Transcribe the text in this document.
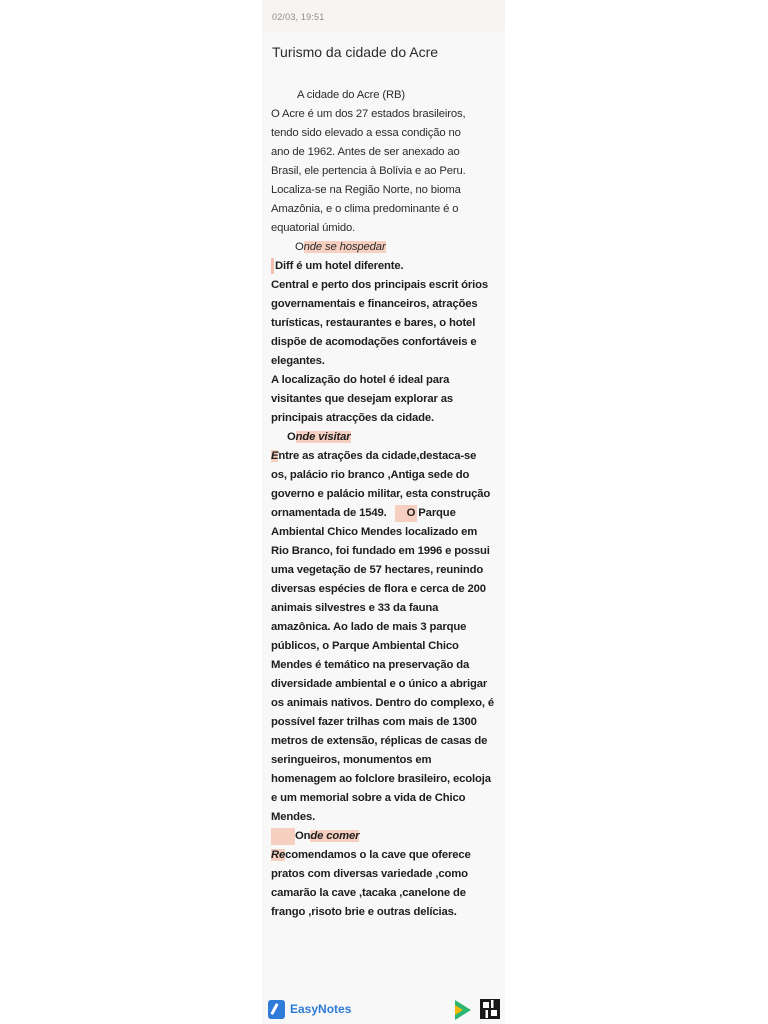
02/03, 19:51
Turismo da cidade do Acre
A cidade do Acre (RB)
O Acre é um dos 27 estados brasileiros,
tendo sido elevado a essa condição no
ano de 1962. Antes de ser anexado ao
Brasil, ele pertencia à Bolívia e ao Peru.
Localiza-se na Região Norte, no bioma
Amazônia, e o clima predominante é o
equatorial úmido.
Onde se hospedar
Diff é um hotel diferente.
Central e perto dos principais escrit órios
governamentais e financeiros, atrações
turísticas, restaurantes e bares, o hotel
dispõe de acomodações confortáveis e
elegantes.
A localização do hotel é ideal para
visitantes que desejam explorar as
principais atracções da cidade.
Onde visitar
Entre as atrações da cidade,destaca-se
os, palácio rio branco ,Antiga sede do
governo e palácio militar, esta construção
ornamentada de 1549. O Parque
Ambiental Chico Mendes localizado em
Rio Branco, foi fundado em 1996 e possui
uma vegetação de 57 hectares, reunindo
diversas espécies de flora e cerca de 200
animais silvestres e 33 da fauna
amazônica. Ao lado de mais 3 parque
públicos, o Parque Ambiental Chico
Mendes é temático na preservação da
diversidade ambiental e o único a abrigar
os animais nativos. Dentro do complexo, é
possível fazer trilhas com mais de 1300
metros de extensão, réplicas de casas de
seringueiros, monumentos em
homenagem ao folclore brasileiro, ecoloja
e um memorial sobre a vida de Chico
Mendes.
Onde comer
Recomendamos o la cave que oferece
pratos com diversas variedade ,como
camarão la cave ,tacaka ,canelone de
frango ,risoto brie e outras delícias.
EasyNotes
